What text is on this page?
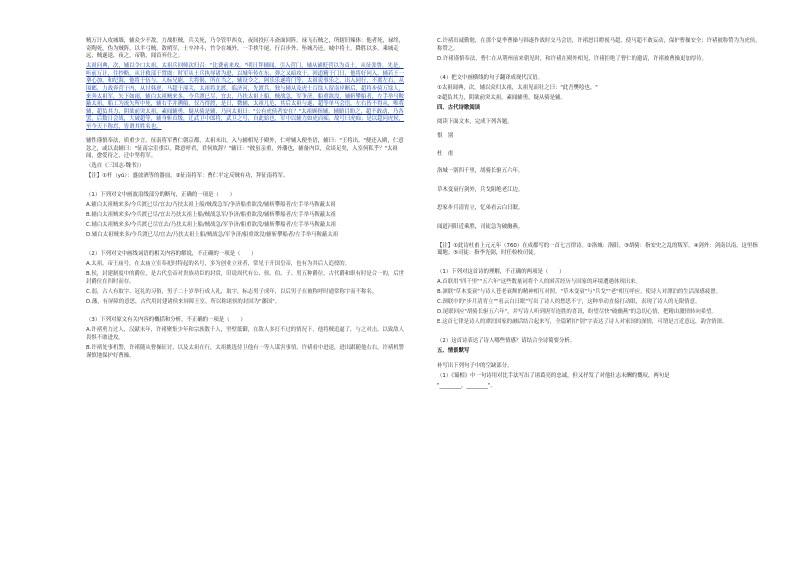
贼万计入攻城墙，辅众少不敌，力战拒贼，兵关死，乃令管甲西女，夜间投叵斗斋面回阵。禄飞石贼之，所辖旧辣体：他者死，禄终，奇陶死，伪为贼阵，以半弓贼，敌哨军，士卒冲斗，竹令在城外，一手挟牛尾，行百步外，坠城乃还，城中将士，降胜以多，乘城走远，贼遂退，夜之，帝勒，闻首弃仕之。

太祖问典，次，辅以令口太祖，太祖兵回师次归召："比费前来攻。"明日拜辅闻，引入营门，辅从铺贬营以为贞士，从征张鲁。先是，听前万计，往抄略，从计救部于置虞：时军从士兵执辱诸为进，以城年传在东，弹之又暗攻于。回道精于门日，他将好问入，辅若王一拿心加，和纪海，他将于伍与，人标兄能，大将偈，所在当之，辅设令之，阿乐乐遂将门等，太祖说事乐之，出入同行，不离左右，从围邺，力战奔营于内，从讨韩逆，马超于潼关，太祖将北渡，临济河，先渡兵，独与辅从及虎士百馀人留南岸断后，超将步骑万馀人，来奔太祖军，矢下如雨，辅白太祖贼来多，今兵渡已尽，宜去，乃扶太祖上船，贼战急，军争济，船重欲没，辅斩攀船者，左手举马鞍蔽太祖，船工为流矢所中死，辅右手并溯船，仅乃得渡，是日，微辅，太祖几危，其后太祖与遂，超等单马会语，左右皆不得从，唯将辅，超负其力，阴欲前突太祖，素闻辅勇，疑从骑是辅，乃问太祖曰："公有虎侯者安在？"太祖顾指辅，辅瞋目盼之，超不敢动，乃各罢，后数日会战，大破超等，辅身斩首级，迁武卫中郎将，武卫之号，自此始也，军中以辅力如虎而痴，故号曰虎痴；是以超问虎侯，至今天下称焉，皆谓其姓名也。

辅性谨慎奉法，质重少言，征南将军曹仁朝京都，太祖未出，入与辅相见于殿外，仁呼辅入便坐语，辅曰："王将出。"便还入殿，仁意忿之，或以责辅曰："征南宗室重臣，降意呼君，君何故辞？"辅曰："彼虽亲重，外藩也，辅备内臣，众谈足矣，入室何私乎？"太祖闻，愈爱待之，迁中坚将军。

（选自《三国志·魏书》）

【注】①杆（yǔ）：盛放酒等的器皿。②征南将军：曹仁平定反贼有功，拜征南将军。

（1）下列对文中画波浪线部分的断句，正确的一项是（　　）

A.辅白太祖贼来多/今兵渡已尽/宜去/乃扶太祖上船/贼战急军/争济船重欲没/辅斩攀船者/左手举马鞍蔽太祖

B.辅白太祖贼来多/今兵渡已尽/宜去乃扶太祖上船/贼战急军/争济/船重欲没/辅斩攀船者/左手举马鞍蔽太祖

C.辅白太祖贼来多/今兵渡已尽宜去/乃扶太祖上船/贼战急/军争济/船重欲没/辅斩攀船者/左手举马鞍蔽太祖

D.辅白太祖贼来多/今兵渡已尽/宜去/乃扶太祖上船/贼战急/军争济/船重欲没/辅斩攀船者/左手举马鞍蔽太祖

（2）下列对文中画线词语的相关内容的解说，不正确的一项是（　　）

A.太祖，帝王庙号，在太庙立室奉祀时特起的名号，多为创业立业者，常见于开国皇帝，也有为其后人追授的。

B.侯，封建制度中的爵位，是古代皇帝对贵族功臣的封赏，旧说周代有公、侯、伯、子、男五种爵位，古代爵和职有时是合一的，后世封爵位在四时而存。

C.弱，古人有取字、冠礼的习俗，男子二十岁举行成人礼，取字，标志男子成年，以后男子在被称呼时通常称字而不称名。

D.藩，有屏障的意思，古代用封建诸侯来屏障王室，所以称诸侯的封国为"藩国"。

（3）下列对原文有关内容的概括和分析，不正确的一项是（　　）

A.许褚勇力过人，汉献末年，许褚聚集少年和宗族数千人，坚壁抵御，在敌人多打不过的情况下，他将贼追逼了，与之对击，以致敌人畏惧不敢进攻。

B.许褚处事机警，许褚随从曹操征讨，以及太祖在行，太祖挑选侍卫他有一等人谋害事情，许褚看中进退，进出跟随他右右，许褚机警谨慎地保护好曹操。

C.许褚出诚勤勉，在那个夏季曹操与韩遂作战时交马会语，许褚怒目瞪视马超，使马超不敢妄动，保护曹操安全；许褚被称赞为为虎侯，称赞之。

D.许褚谨慎奉法，曹仁在从荆州前来朝见时，和许褚在殿外相见，许褚拒绝了曹仁的邀请，许褚被曹操更加厚待。

（4）把文中画横线的句子翻译成现代汉语。

①太祖闻典，次，辅以众归太祖，太祖见而壮之曰："此吾樊哙也。"

②超负其力，阴欲前突太祖，素闻辅勇，疑从骑是辅。

四、古代诗歌阅读

阅读下面文本，完成下列各题。

恨　别

杜　甫

洛城一别四千里，胡骑长驱五六年。

草木变衰行剑外，兵戈阻绝老江边。

思家步月清宵立，忆弟看云白日眠。

闻道河阳近乘胜，司徒急为破幽燕。

【注】①此诗杜甫上元元年（760）在成都写的一首七言律诗。②洛城：洛阳。③胡骑：指安史之乱的叛军。④剑外：剑南以南，这里指蜀地。⑤司徒：指李光弼，时任检校司徒。

（1）下列对这首诗的理解，不正确的两项是（　　）

A.首联用"四千里""五六年"这些数量词将个人的困苦经历与国家的环境遭遇体现出来。

B.颔联"草木变衰"与诗人苍老衰颓的精神相互对照。"草木变衰"与"兵戈""老"相互呼应，使诗人对漂泊的生活深感疲惫。

C.颈联中的"步月清宵立""看云白日眠"写出了诗人的愁思不宁，这种举动直接打动眼，表现了诗人的无限情意。

D.尾联回应"胡骑长驱五六年"，并写诗人听到唐军连胜的喜讯，盼望尽快"破幽燕"的急切心情，把精由激情转向希望。

E.这首七律是诗人的漂泊国家的融话结合起来写，全篇紧扣"别"字表达了诗人对家国的深情，可谓是言近意远，韵含情深。

（2）这首诗表达了诗人哪些情感？请结合全诗简要分析。

五、情景默写

补写出下列句子中的空缺部分。

（1）《蜀相》中一句诗用对比手法写出了诸葛亮的忠诚，但又抒发了对他壮志未酬的慨叹，两句是

"________，________"。
